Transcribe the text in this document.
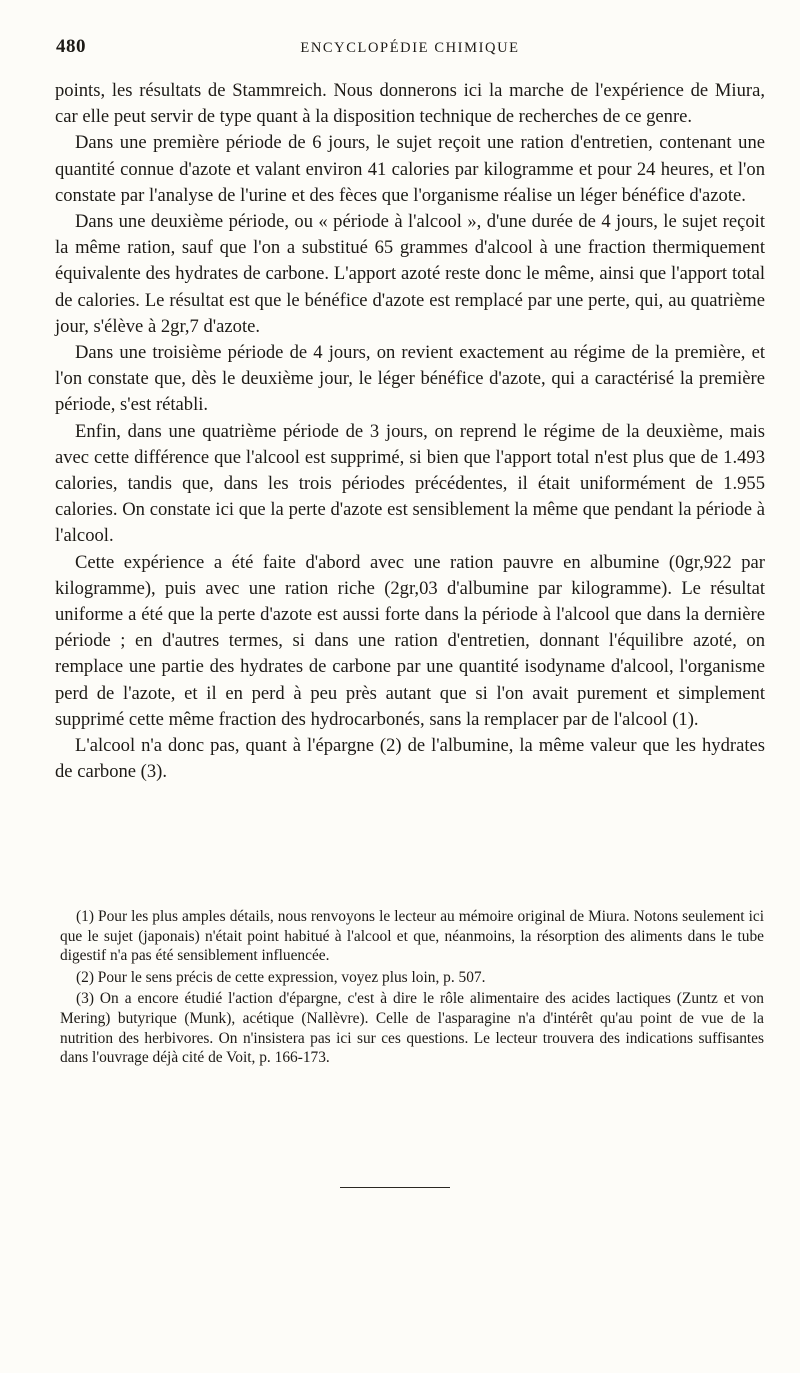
480	ENCYCLOPÉDIE CHIMIQUE

points, les résultats de Stammreich. Nous donnerons ici la marche de l'expérience de Miura, car elle peut servir de type quant à la disposition technique de recherches de ce genre.

Dans une première période de 6 jours, le sujet reçoit une ration d'entretien, contenant une quantité connue d'azote et valant environ 41 calories par kilogramme et pour 24 heures, et l'on constate par l'analyse de l'urine et des fèces que l'organisme réalise un léger bénéfice d'azote.

Dans une deuxième période, ou « période à l'alcool », d'une durée de 4 jours, le sujet reçoit la même ration, sauf que l'on a substitué 65 grammes d'alcool à une fraction thermiquement équivalente des hydrates de carbone. L'apport azoté reste donc le même, ainsi que l'apport total de calories. Le résultat est que le bénéfice d'azote est remplacé par une perte, qui, au quatrième jour, s'élève à 2gr,7 d'azote.

Dans une troisième période de 4 jours, on revient exactement au régime de la première, et l'on constate que, dès le deuxième jour, le léger bénéfice d'azote, qui a caractérisé la première période, s'est rétabli.

Enfin, dans une quatrième période de 3 jours, on reprend le régime de la deuxième, mais avec cette différence que l'alcool est supprimé, si bien que l'apport total n'est plus que de 1.493 calories, tandis que, dans les trois périodes précédentes, il était uniformément de 1.955 calories. On constate ici que la perte d'azote est sensiblement la même que pendant la période à l'alcool.

Cette expérience a été faite d'abord avec une ration pauvre en albumine (0gr,922 par kilogramme), puis avec une ration riche (2gr,03 d'albumine par kilogramme). Le résultat uniforme a été que la perte d'azote est aussi forte dans la période à l'alcool que dans la dernière période ; en d'autres termes, si dans une ration d'entretien, donnant l'équilibre azoté, on remplace une partie des hydrates de carbone par une quantité isodyname d'alcool, l'organisme perd de l'azote, et il en perd à peu près autant que si l'on avait purement et simplement supprimé cette même fraction des hydrocarbonés, sans la remplacer par de l'alcool (1).

L'alcool n'a donc pas, quant à l'épargne (2) de l'albumine, la même valeur que les hydrates de carbone (3).

(1) Pour les plus amples détails, nous renvoyons le lecteur au mémoire original de Miura. Notons seulement ici que le sujet (japonais) n'était point habitué à l'alcool et que, néanmoins, la résorption des aliments dans le tube digestif n'a pas été sensiblement influencée.

(2) Pour le sens précis de cette expression, voyez plus loin, p. 507.

(3) On a encore étudié l'action d'épargne, c'est à dire le rôle alimentaire des acides lactiques (Zuntz et von Mering) butyrique (Munk), acétique (Nallèvre). Celle de l'asparagine n'a d'intérêt qu'au point de vue de la nutrition des herbivores. On n'insistera pas ici sur ces questions. Le lecteur trouvera des indications suffisantes dans l'ouvrage déjà cité de Voit, p. 166-173.
